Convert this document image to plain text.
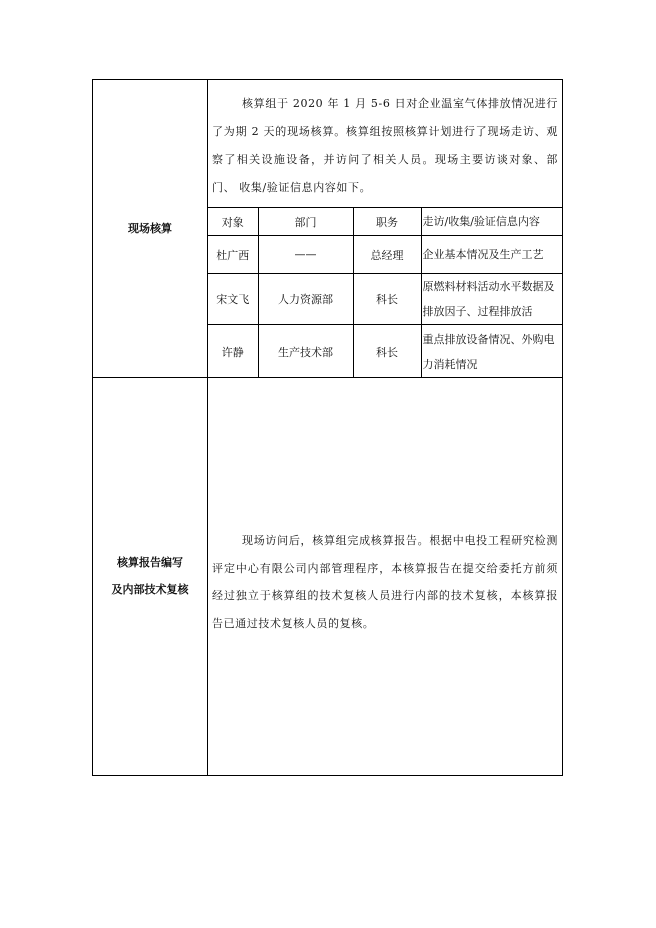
现场核算
核算组于 2020 年 1 月 5-6 日对企业温室气体排放情况进行了为期 2 天的现场核算。核算组按照核算计划进行了现场走访、观察了相关设施设备，并访问了相关人员。现场主要访谈对象、部门、 收集/验证信息内容如下。
对象	部门	职务	走访/收集/验证信息内容
杜广西	——	总经理	企业基本情况及生产工艺
宋文飞	人力资源部	科长	原燃料材料活动水平数据及排放因子、过程排放活
许静	生产技术部	科长	重点排放设备情况、外购电力消耗情况
核算报告编写
及内部技术复核
现场访问后，核算组完成核算报告。根据中电投工程研究检测评定中心有限公司内部管理程序，本核算报告在提交给委托方前须经过独立于核算组的技术复核人员进行内部的技术复核，本核算报告已通过技术复核人员的复核。
